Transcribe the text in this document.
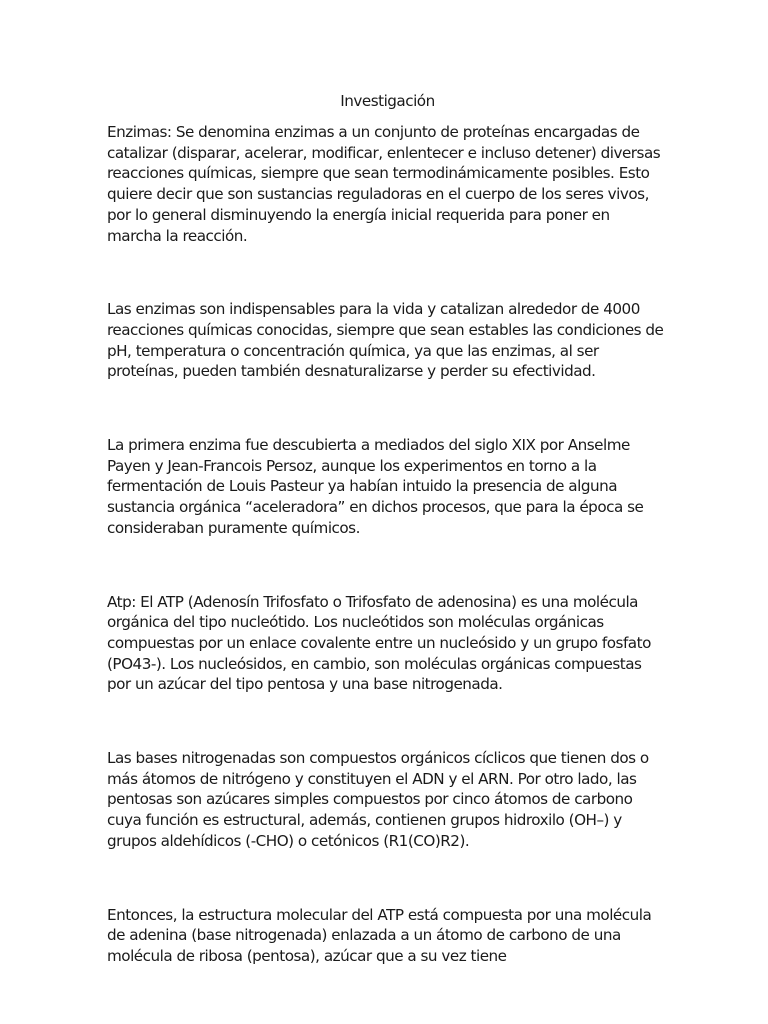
Investigación

Enzimas: Se denomina enzimas a un conjunto de proteínas encargadas de catalizar (disparar, acelerar, modificar, enlentecer e incluso detener) diversas reacciones químicas, siempre que sean termodinámicamente posibles. Esto quiere decir que son sustancias reguladoras en el cuerpo de los seres vivos, por lo general disminuyendo la energía inicial requerida para poner en marcha la reacción.

Las enzimas son indispensables para la vida y catalizan alrededor de 4000 reacciones químicas conocidas, siempre que sean estables las condiciones de pH, temperatura o concentración química, ya que las enzimas, al ser proteínas, pueden también desnaturalizarse y perder su efectividad.

La primera enzima fue descubierta a mediados del siglo XIX por Anselme Payen y Jean-Francois Persoz, aunque los experimentos en torno a la fermentación de Louis Pasteur ya habían intuido la presencia de alguna sustancia orgánica “aceleradora” en dichos procesos, que para la época se consideraban puramente químicos.

Atp: El ATP (Adenosín Trifosfato o Trifosfato de adenosina) es una molécula orgánica del tipo nucleótido. Los nucleótidos son moléculas orgánicas compuestas por un enlace covalente entre un nucleósido y un grupo fosfato (PO43-). Los nucleósidos, en cambio, son moléculas orgánicas compuestas por un azúcar del tipo pentosa y una base nitrogenada.

Las bases nitrogenadas son compuestos orgánicos cíclicos que tienen dos o más átomos de nitrógeno y constituyen el ADN y el ARN. Por otro lado, las pentosas son azúcares simples compuestos por cinco átomos de carbono cuya función es estructural, además, contienen grupos hidroxilo (OH–) y grupos aldehídicos (-CHO) o cetónicos (R1(CO)R2).

Entonces, la estructura molecular del ATP está compuesta por una molécula de adenina (base nitrogenada) enlazada a un átomo de carbono de una molécula de ribosa (pentosa), azúcar que a su vez tiene
